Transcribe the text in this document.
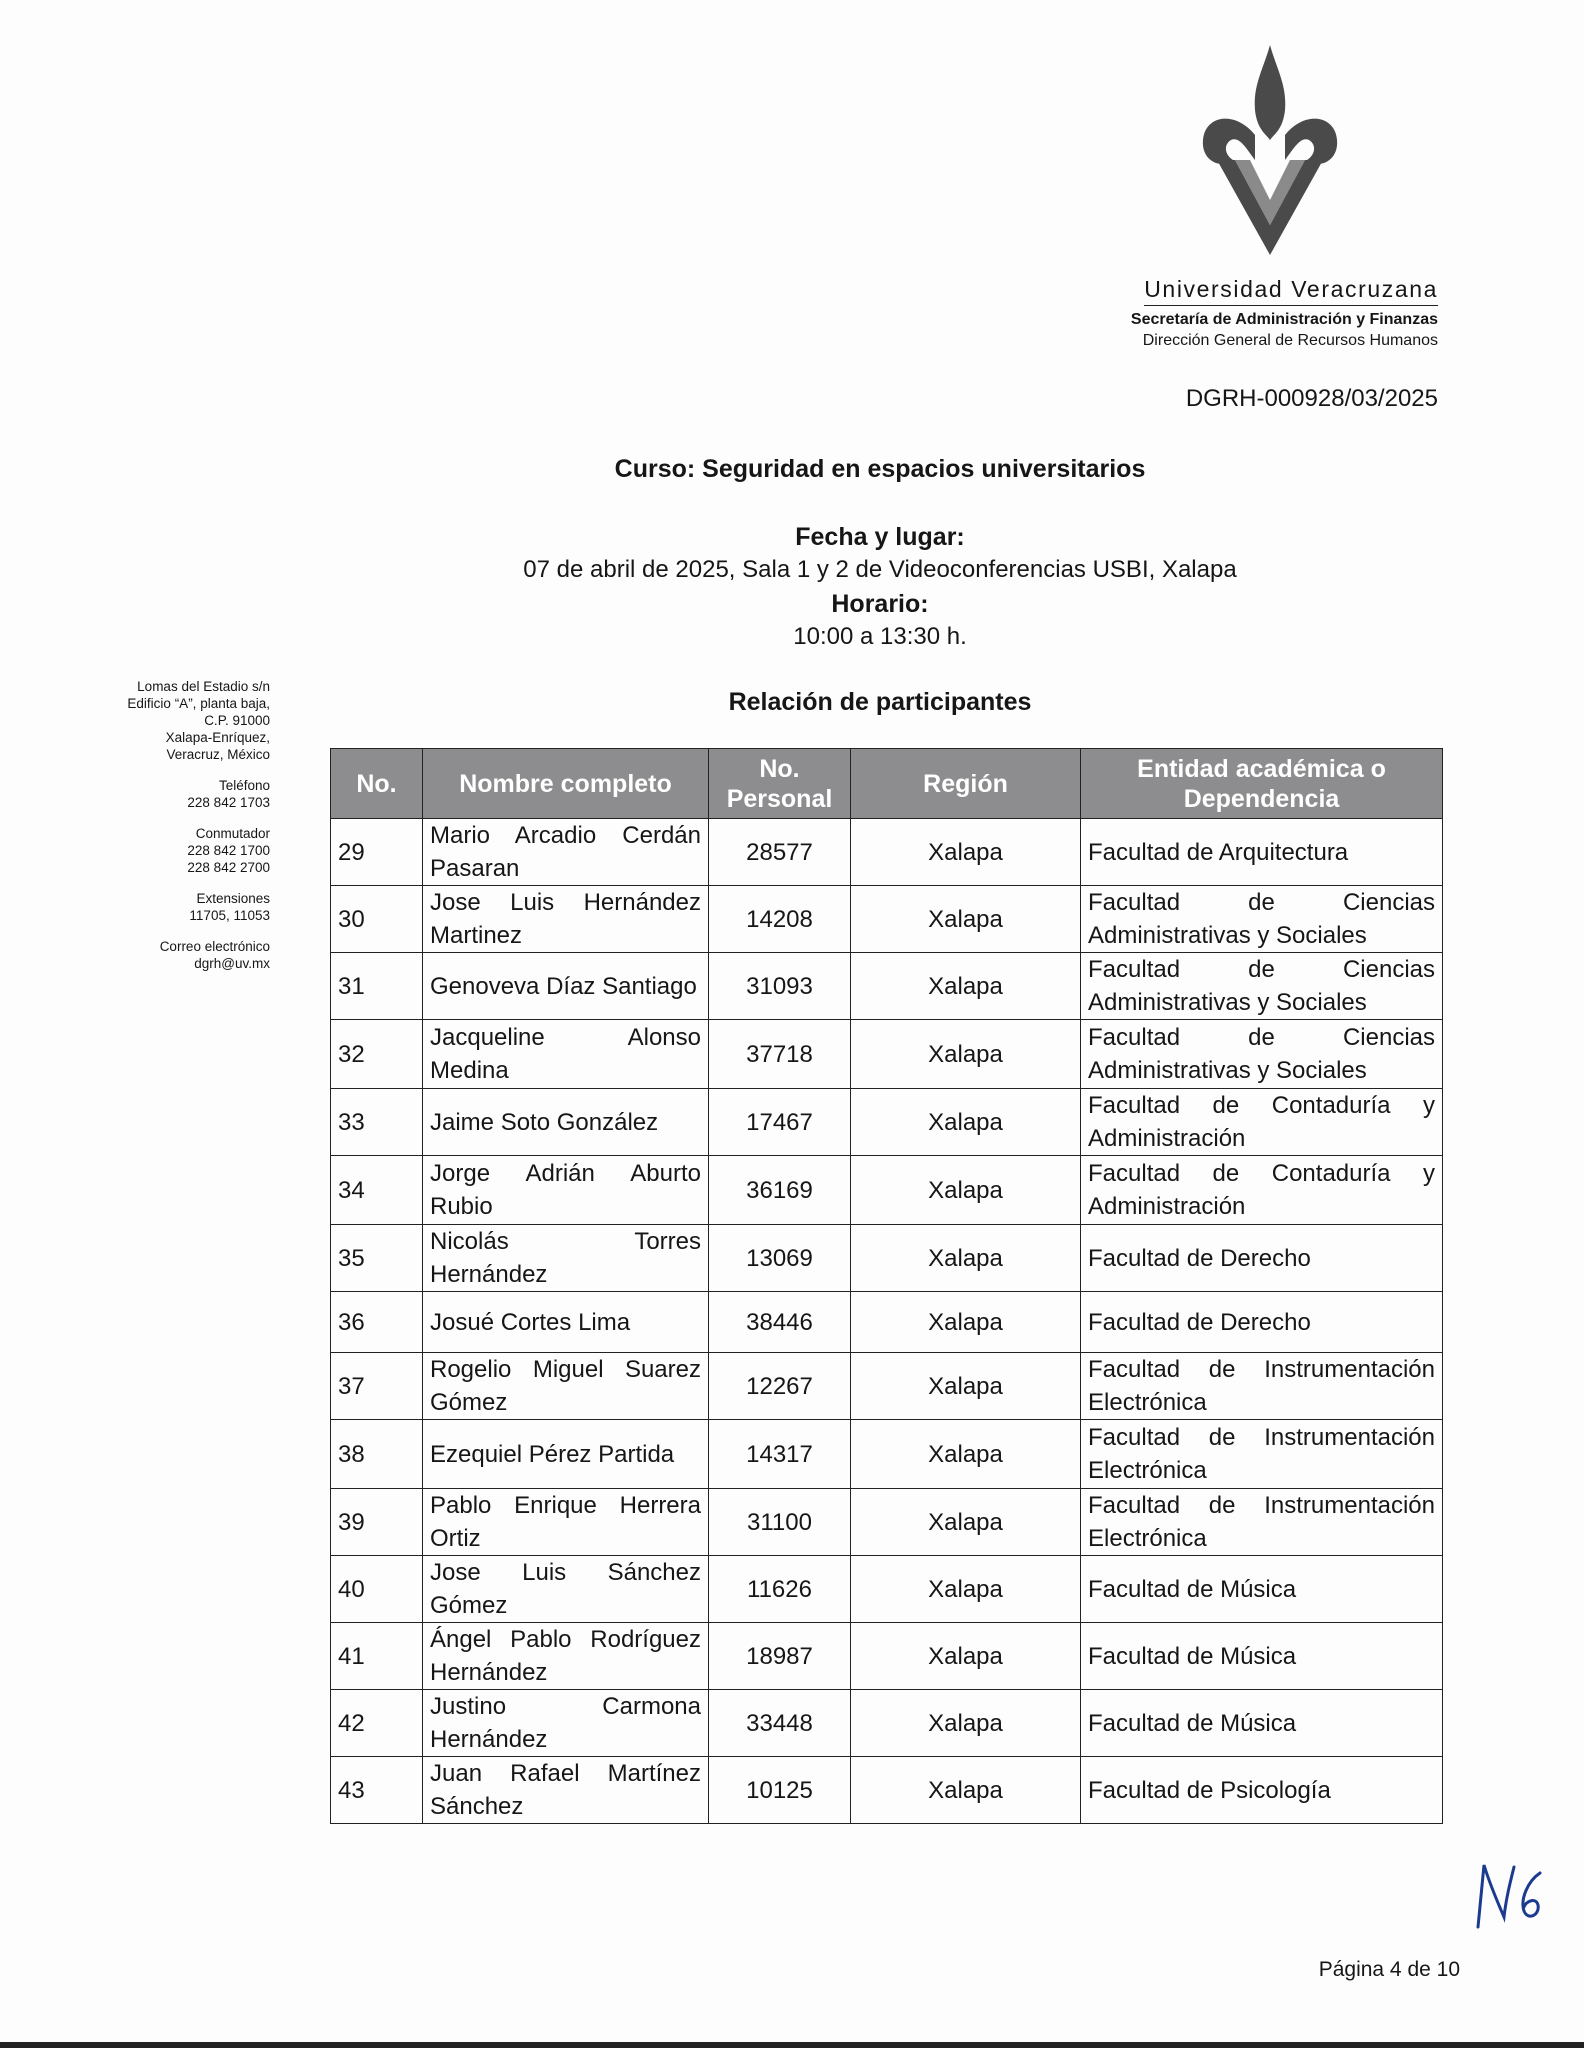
Universidad Veracruzana
Secretaría de Administración y Finanzas
Dirección General de Recursos Humanos
DGRH-000928/03/2025
Curso: Seguridad en espacios universitarios
Fecha y lugar:
07 de abril de 2025, Sala 1 y 2 de Videoconferencias USBI, Xalapa
Horario:
10:00 a 13:30 h.
Relación de participantes

Lomas del Estadio s/n
Edificio “A”, planta baja,
C.P. 91000
Xalapa-Enríquez,
Veracruz, México

Teléfono
228 842 1703

Conmutador
228 842 1700
228 842 2700

Extensiones
11705, 11053

Correo electrónico
dgrh@uv.mx

No.	Nombre completo	No. Personal	Región	Entidad académica o Dependencia
29	Mario Arcadio Cerdán Pasaran	28577	Xalapa	Facultad de Arquitectura
30	Jose Luis Hernández Martinez	14208	Xalapa	Facultad de Ciencias Administrativas y Sociales
31	Genoveva Díaz Santiago	31093	Xalapa	Facultad de Ciencias Administrativas y Sociales
32	Jacqueline Alonso Medina	37718	Xalapa	Facultad de Ciencias Administrativas y Sociales
33	Jaime Soto González	17467	Xalapa	Facultad de Contaduría y Administración
34	Jorge Adrián Aburto Rubio	36169	Xalapa	Facultad de Contaduría y Administración
35	Nicolás Torres Hernández	13069	Xalapa	Facultad de Derecho
36	Josué Cortes Lima	38446	Xalapa	Facultad de Derecho
37	Rogelio Miguel Suarez Gómez	12267	Xalapa	Facultad de Instrumentación Electrónica
38	Ezequiel Pérez Partida	14317	Xalapa	Facultad de Instrumentación Electrónica
39	Pablo Enrique Herrera Ortiz	31100	Xalapa	Facultad de Instrumentación Electrónica
40	Jose Luis Sánchez Gómez	11626	Xalapa	Facultad de Música
41	Ángel Pablo Rodríguez Hernández	18987	Xalapa	Facultad de Música
42	Justino Carmona Hernández	33448	Xalapa	Facultad de Música
43	Juan Rafael Martínez Sánchez	10125	Xalapa	Facultad de Psicología
Página 4 de 10
